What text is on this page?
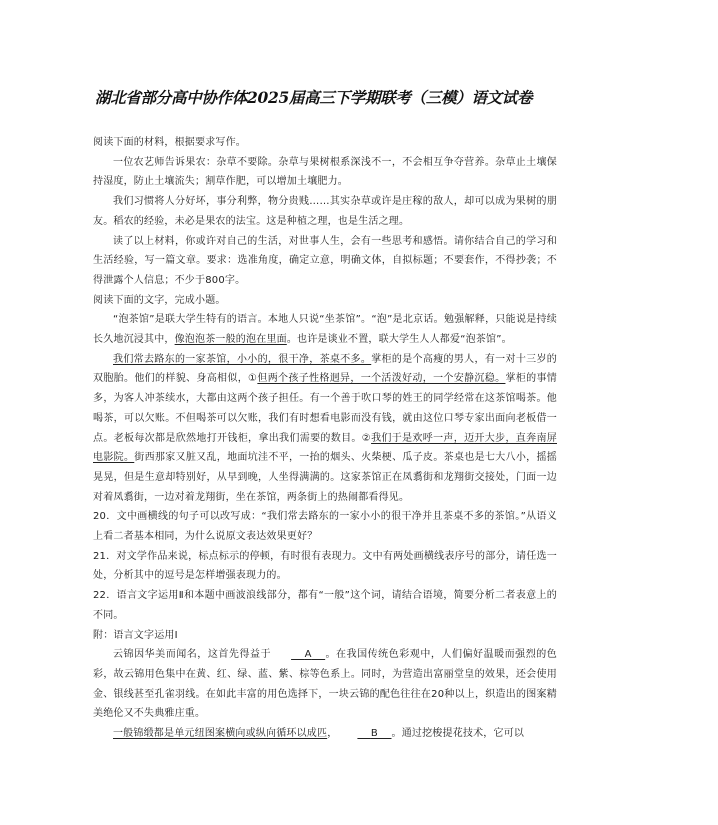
湖北省部分高中协作体2025届高三下学期联考（三模）语文试卷

阅读下面的材料，根据要求写作。

一位农艺师告诉果农：杂草不要除。杂草与果树根系深浅不一，不会相互争夺营养。杂草止土壤保持湿度，防止土壤流失；割草作肥，可以增加土壤肥力。

我们习惯将人分好坏，事分利弊，物分贵贱……其实杂草或许是庄稼的敌人，却可以成为果树的朋友。稻农的经验，未必是果农的法宝。这是种植之理，也是生活之理。

读了以上材料，你或许对自己的生活，对世事人生，会有一些思考和感悟。请你结合自己的学习和生活经验，写一篇文章。要求：选准角度，确定立意，明确文体，自拟标题；不要套作，不得抄袭；不得泄露个人信息；不少于800字。

阅读下面的文字，完成小题。

“泡茶馆”是联大学生特有的语言。本地人只说“坐茶馆”。“泡”是北京话。勉强解释，只能说是持续长久地沉浸其中，像泡泡茶一般的泡在里面。也许是谈业不置，联大学生人人都爱“泡茶馆”。

我们常去路东的一家茶馆，小小的，很干净，茶桌不多。掌柜的是个高瘦的男人，有一对十三岁的双胞胎。他们的样貌、身高相似，①但两个孩子性格迥异，一个活泼好动，一个安静沉稳。掌柜的事情多，为客人冲茶续水，大都由这两个孩子担任。有一个善于吹口琴的姓王的同学经常在这茶馆喝茶。他喝茶，可以欠账。不但喝茶可以欠账，我们有时想看电影而没有钱，就由这位口琴专家出面向老板借一点。老板每次都是欣然地打开钱柜，拿出我们需要的数目。②我们于是欢呼一声，迈开大步，直奔南屏电影院。街西那家又脏又乱，地面坑洼不平，一抬的烟头、火柴梗、瓜子皮。茶桌也是七大八小，摇摇晃晃，但是生意却特别好，从早到晚，人坐得满满的。这家茶馆正在凤翥街和龙翔街交接处，门面一边对着凤翥街，一边对着龙翔街，坐在茶馆，两条街上的热闹都看得见。

20．文中画横线的句子可以改写成：“我们常去路东的一家小小的很干净并且茶桌不多的茶馆。”从语义上看二者基本相同，为什么说原文表达效果更好？

21．对文学作品来说，标点标示的停顿，有时很有表现力。文中有两处画横线表序号的部分，请任选一处，分析其中的逗号是怎样增强表现力的。

22．语言文字运用Ⅱ和本题中画波浪线部分，都有“一般”这个词，请结合语境，简要分析二者表意上的不同。

附：语言文字运用Ⅰ

云锦因华美而闻名，这首先得益于	A 。在我国传统色彩观中，人们偏好温暖而强烈的色彩，故云锦用色集中在黄、红、绿、蓝、紫、棕等色系上。同时，为营造出富丽堂皇的效果，还会使用金、银线甚至孔雀羽线。在如此丰富的用色选择下，一块云锦的配色往往在20种以上，织造出的图案精美绝伦又不失典雅庄重。

一般锦缎都是单元纽图案横向或纵向循环以成匹，	B 。通过挖梭提花技术，它可以
